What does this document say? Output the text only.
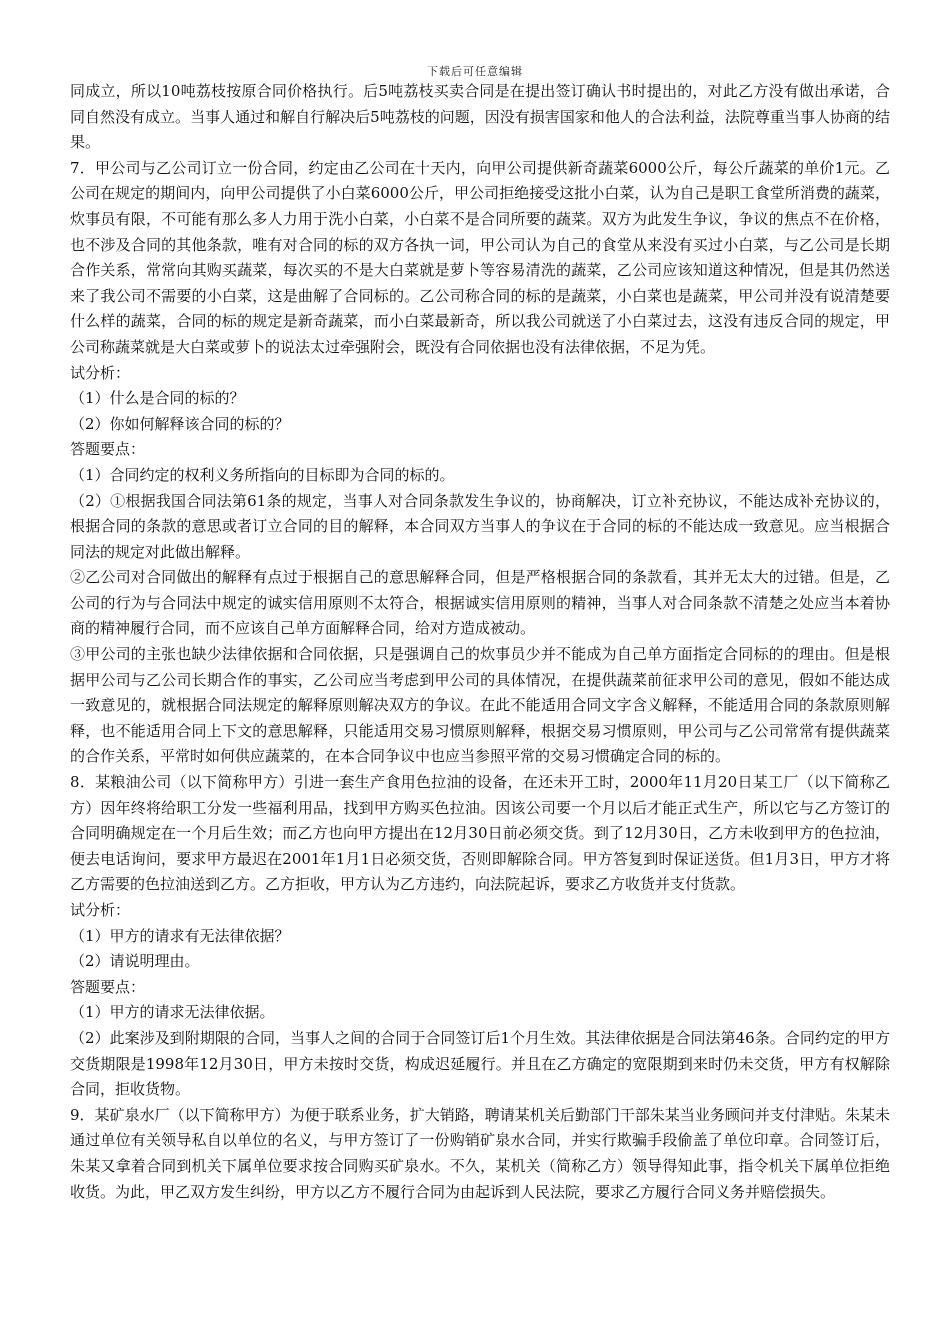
下载后可任意编辑

同成立，所以10吨荔枝按原合同价格执行。后5吨荔枝买卖合同是在提出签订确认书时提出的，对此乙方没有做出承诺，合同自然没有成立。当事人通过和解自行解决后5吨荔枝的问题，因没有损害国家和他人的合法利益，法院尊重当事人协商的结果。

7．甲公司与乙公司订立一份合同，约定由乙公司在十天内，向甲公司提供新奇蔬菜6000公斤，每公斤蔬菜的单价1元。乙公司在规定的期间内，向甲公司提供了小白菜6000公斤，甲公司拒绝接受这批小白菜，认为自己是职工食堂所消费的蔬菜，炊事员有限，不可能有那么多人力用于洗小白菜，小白菜不是合同所要的蔬菜。双方为此发生争议，争议的焦点不在价格，也不涉及合同的其他条款，唯有对合同的标的双方各执一词，甲公司认为自己的食堂从来没有买过小白菜，与乙公司是长期合作关系，常常向其购买蔬菜，每次买的不是大白菜就是萝卜等容易清洗的蔬菜，乙公司应该知道这种情况，但是其仍然送来了我公司不需要的小白菜，这是曲解了合同标的。乙公司称合同的标的是蔬菜，小白菜也是蔬菜，甲公司并没有说清楚要什么样的蔬菜，合同的标的规定是新奇蔬菜，而小白菜最新奇，所以我公司就送了小白菜过去，这没有违反合同的规定，甲公司称蔬菜就是大白菜或萝卜的说法太过牵强附会，既没有合同依据也没有法律依据，不足为凭。

试分析：

（1）什么是合同的标的？

（2）你如何解释该合同的标的？

答题要点：

（1）合同约定的权利义务所指向的目标即为合同的标的。

（2）①根据我国合同法第61条的规定，当事人对合同条款发生争议的，协商解决，订立补充协议，不能达成补充协议的，根据合同的条款的意思或者订立合同的目的解释，本合同双方当事人的争议在于合同的标的不能达成一致意见。应当根据合同法的规定对此做出解释。

②乙公司对合同做出的解释有点过于根据自己的意思解释合同，但是严格根据合同的条款看，其并无太大的过错。但是，乙公司的行为与合同法中规定的诚实信用原则不太符合，根据诚实信用原则的精神，当事人对合同条款不清楚之处应当本着协商的精神履行合同，而不应该自己单方面解释合同，给对方造成被动。

③甲公司的主张也缺少法律依据和合同依据，只是强调自己的炊事员少并不能成为自己单方面指定合同标的的理由。但是根据甲公司与乙公司长期合作的事实，乙公司应当考虑到甲公司的具体情况，在提供蔬菜前征求甲公司的意见，假如不能达成一致意见的，就根据合同法规定的解释原则解决双方的争议。在此不能适用合同文字含义解释，不能适用合同的条款原则解释，也不能适用合同上下文的意思解释，只能适用交易习惯原则解释，根据交易习惯原则，甲公司与乙公司常常有提供蔬菜的合作关系，平常时如何供应蔬菜的，在本合同争议中也应当参照平常的交易习惯确定合同的标的。

8．某粮油公司（以下简称甲方）引进一套生产食用色拉油的设备，在还未开工时，2000年11月20日某工厂（以下简称乙方）因年终将给职工分发一些福利用品，找到甲方购买色拉油。因该公司要一个月以后才能正式生产，所以它与乙方签订的合同明确规定在一个月后生效；而乙方也向甲方提出在12月30日前必须交货。到了12月30日，乙方未收到甲方的色拉油，便去电话询问，要求甲方最迟在2001年1月1日必须交货，否则即解除合同。甲方答复到时保证送货。但1月3日，甲方才将乙方需要的色拉油送到乙方。乙方拒收，甲方认为乙方违约，向法院起诉，要求乙方收货并支付货款。

试分析：

（1）甲方的请求有无法律依据？

（2）请说明理由。

答题要点：

（1）甲方的请求无法律依据。

（2）此案涉及到附期限的合同，当事人之间的合同于合同签订后1个月生效。其法律依据是合同法第46条。合同约定的甲方交货期限是1998年12月30日，甲方未按时交货，构成迟延履行。并且在乙方确定的宽限期到来时仍未交货，甲方有权解除合同，拒收货物。

9．某矿泉水厂（以下简称甲方）为便于联系业务，扩大销路，聘请某机关后勤部门干部朱某当业务顾问并支付津贴。朱某未通过单位有关领导私自以单位的名义，与甲方签订了一份购销矿泉水合同，并实行欺骗手段偷盖了单位印章。合同签订后，朱某又拿着合同到机关下属单位要求按合同购买矿泉水。不久，某机关（简称乙方）领导得知此事，指令机关下属单位拒绝收货。为此，甲乙双方发生纠纷，甲方以乙方不履行合同为由起诉到人民法院，要求乙方履行合同义务并赔偿损失。
